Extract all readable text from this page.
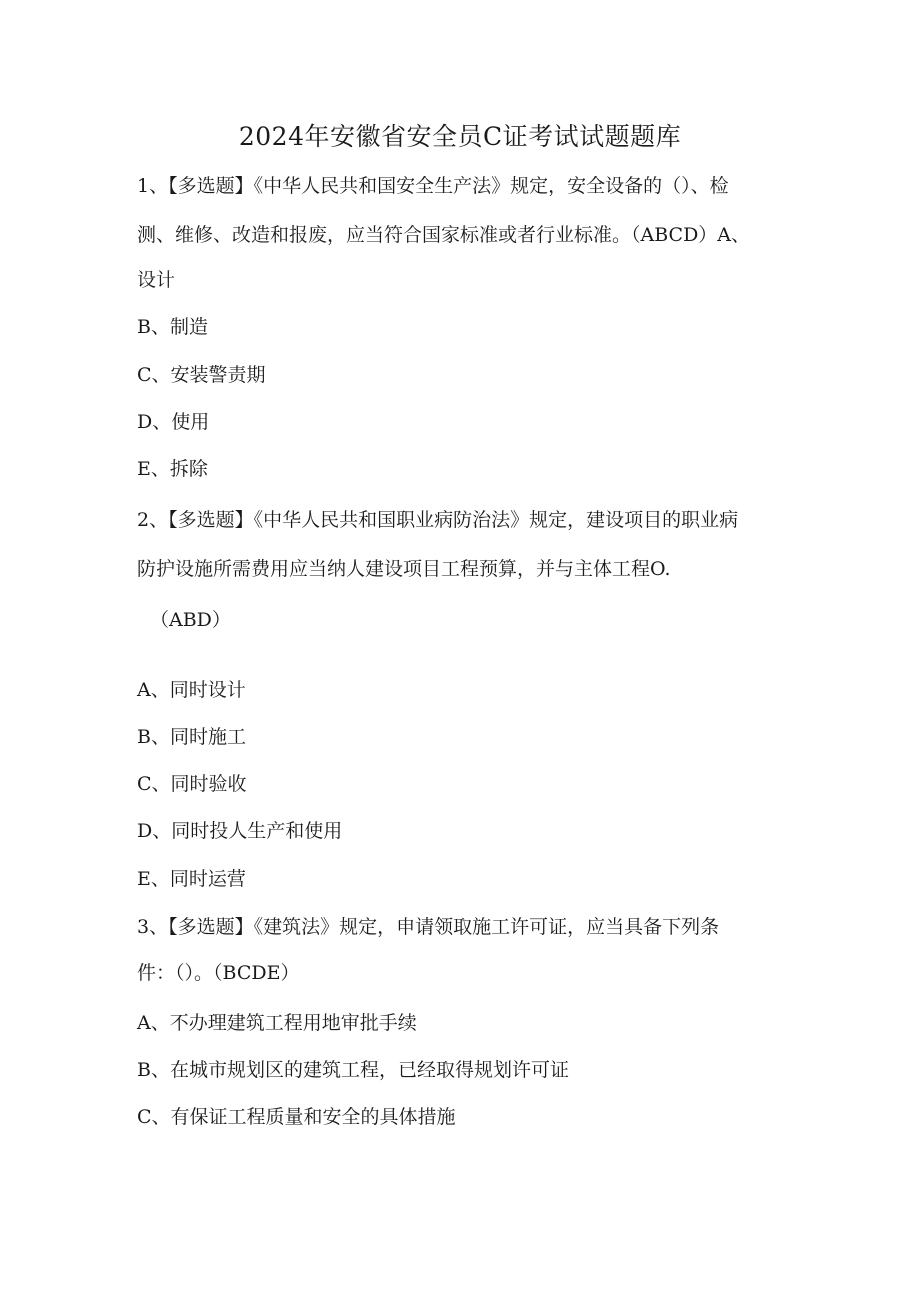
2024年安徽省安全员C证考试试题题库
1、【多选题】《中华人民共和国安全生产法》规定，安全设备的（）、检
测、维修、改造和报废，应当符合国家标准或者行业标准。（ABCD）A、
设计
B、制造
C、安装警责期
D、使用
E、拆除
2、【多选题】《中华人民共和国职业病防治法》规定，建设项目的职业病
防护设施所需费用应当纳人建设项目工程预算，并与主体工程O.
（ABD）
A、同时设计
B、同时施工
C、同时验收
D、同时投人生产和使用
E、同时运营
3、【多选题】《建筑法》规定，申请领取施工许可证，应当具备下列条
件：（）。（BCDE）
A、不办理建筑工程用地审批手续
B、在城市规划区的建筑工程，已经取得规划许可证
C、有保证工程质量和安全的具体措施
